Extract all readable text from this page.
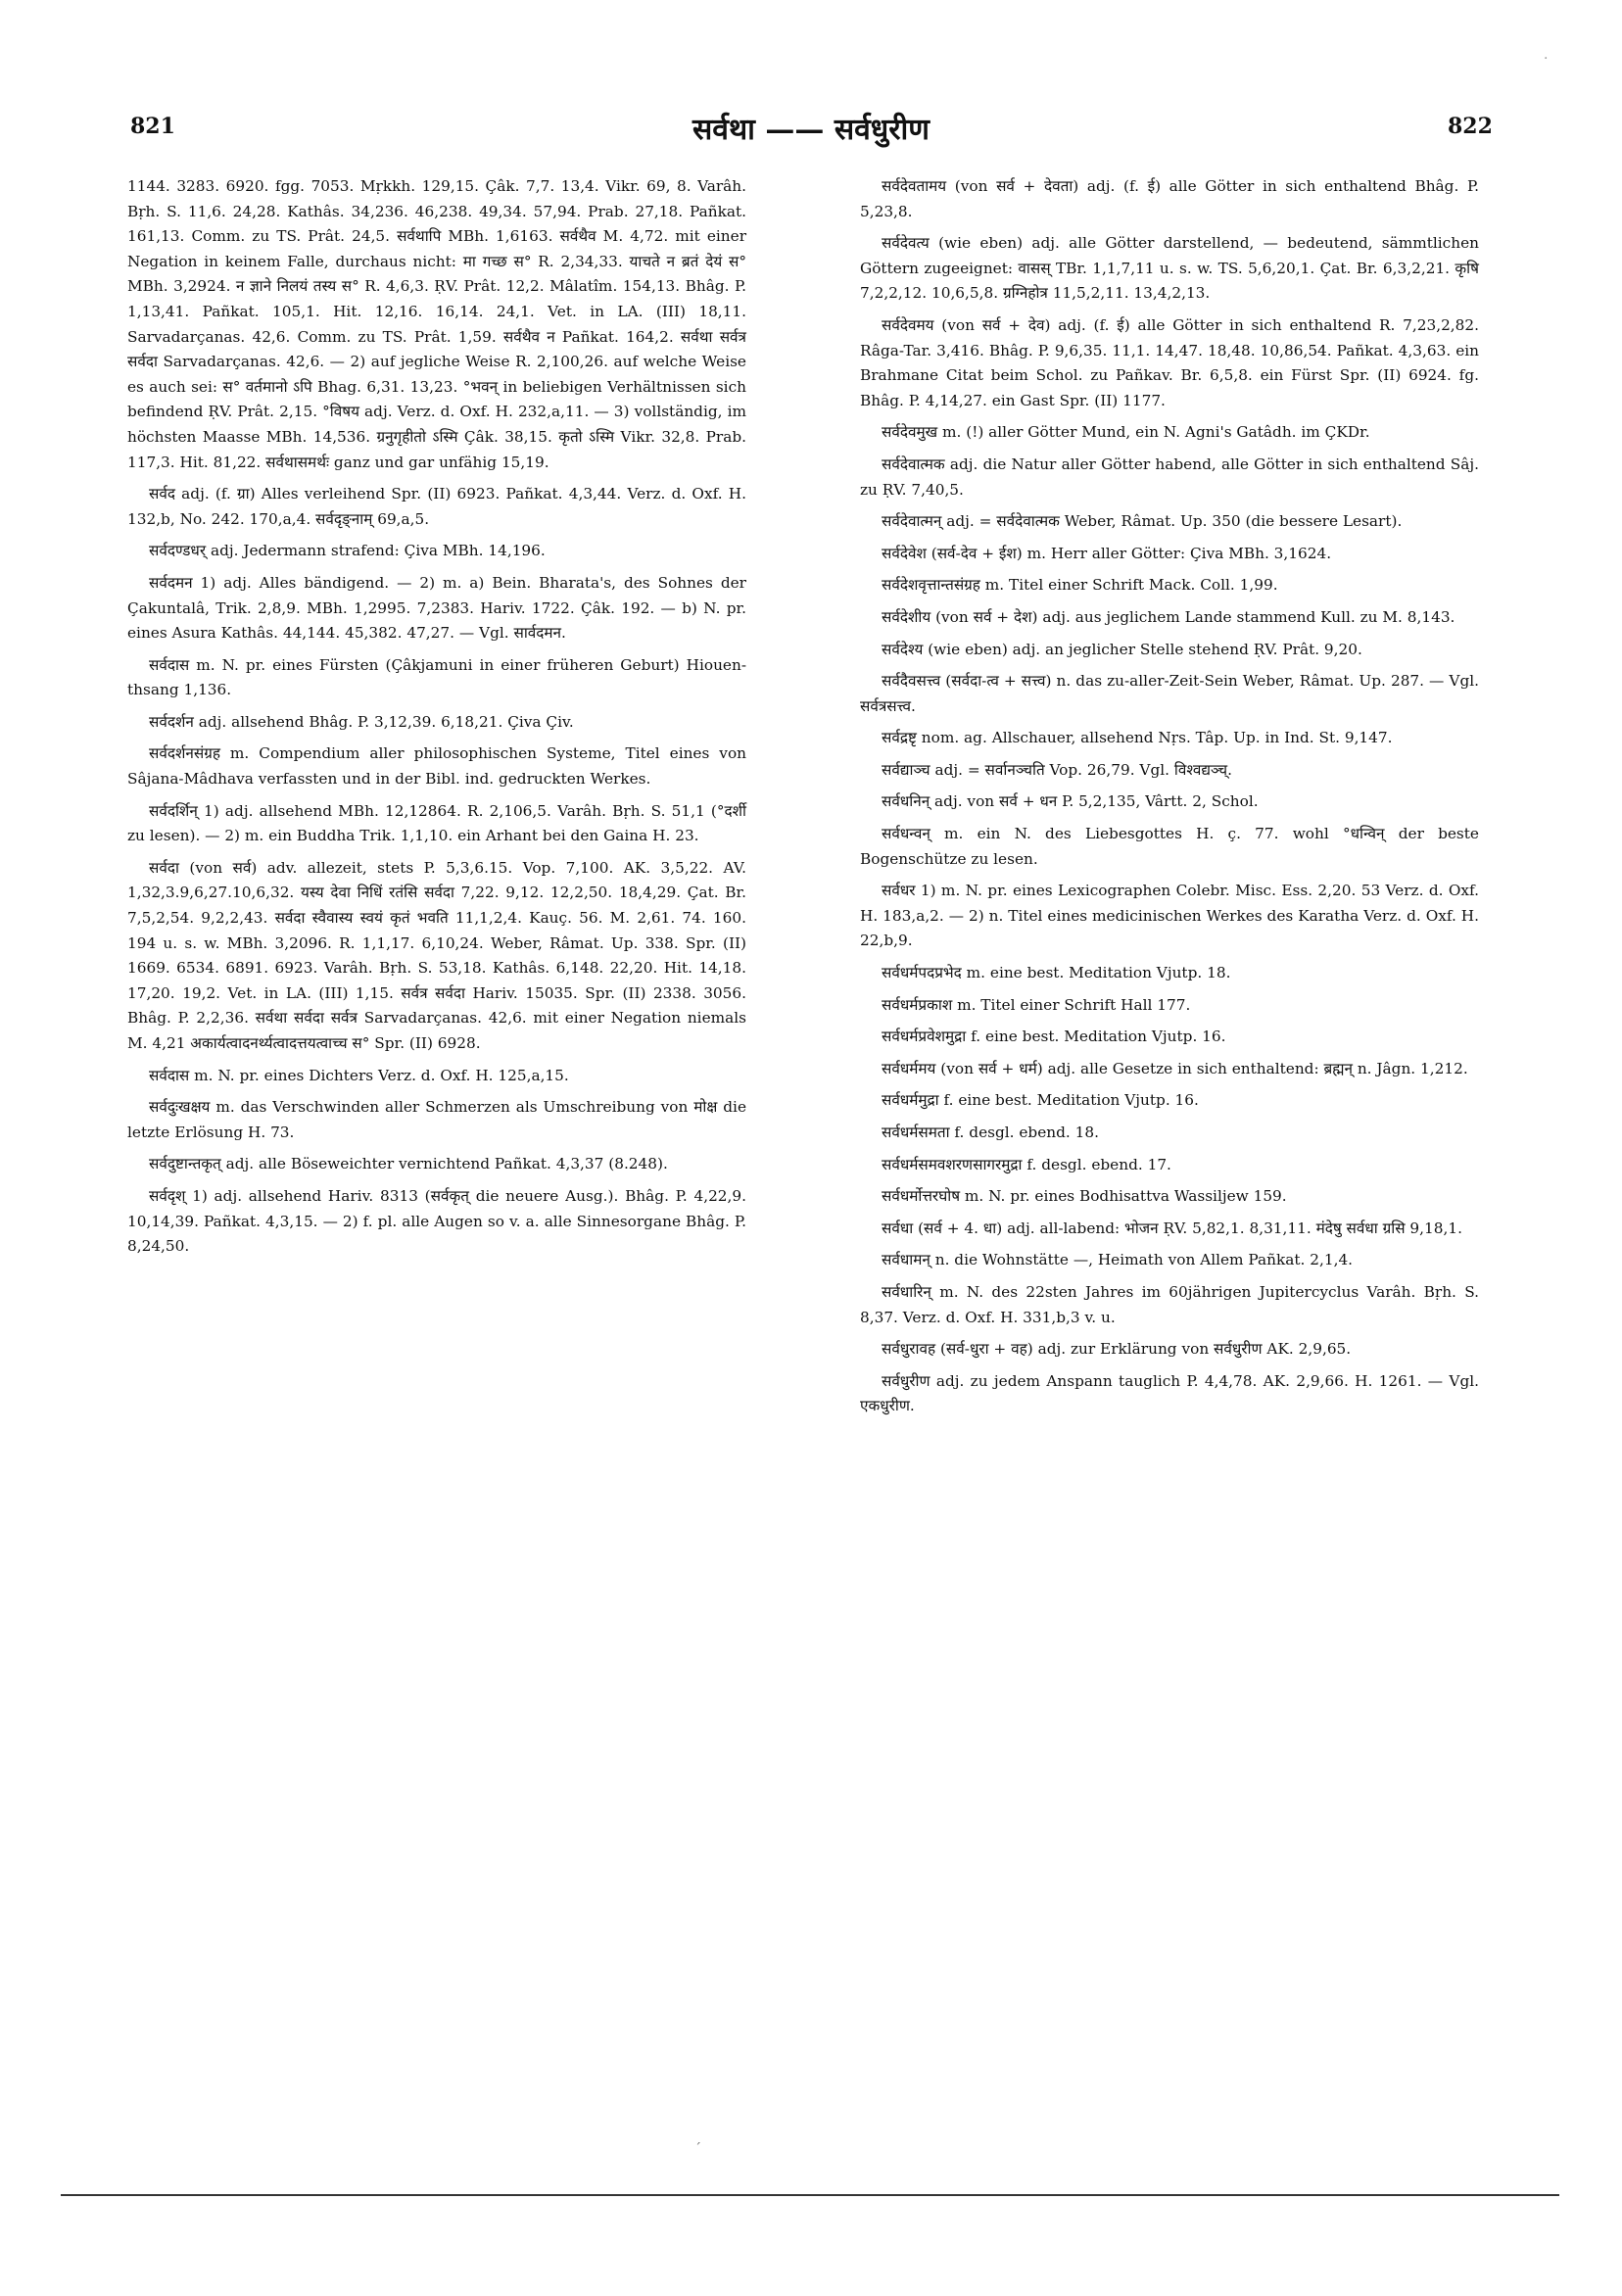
821	सर्वथा —— सर्वधुरीण	822

1144. 3283. 6920. fgg. 7053. Mṛkkh. 129,15. Çâk. 7,7. 13,4. Vikr. 69, 8. Varâh. Bṛh. S. 11,6. 24,28. Kathâs. 34,236. 46,238. 49,34. 57,94. Prab. 27,18. Pañkat. 161,13. Comm. zu TS. Prât. 24,5. सर्वथापि MBh. 1,6163. सर्वथैव M. 4,72. mit einer Negation in keinem Falle, durchaus nicht: मा गच्छ स° R. 2,34,33. याचते न ब्रतं देयं स° MBh. 3,2924. न ज्ञाने निलयं तस्य स° R. 4,6,3. ṚV. Prât. 12,2. Mâlatîm. 154,13. Bhâg. P. 1,13,41. Pañkat. 105,1. Hit. 12,16. 16,14. 24,1. Vet. in LA. (III) 18,11. Sarvadarçanas. 42,6. Comm. zu TS. Prât. 1,59. सर्वथैव न Pañkat. 164,2. सर्वथा सर्वत्र सर्वदा Sarvadarçanas. 42,6. — 2) auf jegliche Weise R. 2,100,26. auf welche Weise es auch sei: स° वर्तमानो ऽपि Bhag. 6,31. 13,23. °भवन् in beliebigen Verhältnissen sich befindend ṚV. Prât. 2,15. °विषय adj. Verz. d. Oxf. H. 232,a,11. — 3) vollständig, im höchsten Maasse MBh. 14,536. ग्रनुगृहीतो ऽस्मि Çâk. 38,15. कृतो ऽस्मि Vikr. 32,8. Prab. 117,3. Hit. 81,22. सर्वथासमर्थः ganz und gar unfähig 15,19.

सर्वद adj. (f. ग्रा) Alles verleihend Spr. (II) 6923. Pañkat. 4,3,44. Verz. d. Oxf. H. 132,b, No. 242. 170,a,4. सर्वदृङ्नाम् 69,a,5.

सर्वदण्डधर् adj. Jedermann strafend: Çiva MBh. 14,196.

सर्वदमन 1) adj. Alles bändigend. — 2) m. a) Bein. Bharata's, des Sohnes der Çakuntalâ, Trik. 2,8,9. MBh. 1,2995. 7,2383. Hariv. 1722. Çâk. 192. — b) N. pr. eines Asura Kathâs. 44,144. 45,382. 47,27. — Vgl. सार्वदमन.

सर्वदास m. N. pr. eines Fürsten (Çâkjamuni in einer früheren Geburt) Hiouen-thsang 1,136.

सर्वदर्शन adj. allsehend Bhâg. P. 3,12,39. 6,18,21. Çiva Çiv.

सर्वदर्शनसंग्रह m. Compendium aller philosophischen Systeme, Titel eines von Sâjana-Mâdhava verfassten und in der Bibl. ind. gedruckten Werkes.

सर्वदर्शिन् 1) adj. allsehend MBh. 12,12864. R. 2,106,5. Varâh. Bṛh. S. 51,1 (°दर्शी zu lesen). — 2) m. ein Buddha Trik. 1,1,10. ein Arhant bei den Gaina H. 23.

सर्वदा (von सर्व) adv. allezeit, stets P. 5,3,6.15. Vop. 7,100. AK. 3,5,22. AV. 1,32,3.9,6,27.10,6,32. यस्य देवा निधिं रतंसि सर्वदा 7,22. 9,12. 12,2,50. 18,4,29. Çat. Br. 7,5,2,54. 9,2,2,43. सर्वदा स्वैवास्य स्वयं कृतं भवति 11,1,2,4. Kauç. 56. M. 2,61. 74. 160. 194 u. s. w. MBh. 3,2096. R. 1,1,17. 6,10,24. Weber, Râmat. Up. 338. Spr. (II) 1669. 6534. 6891. 6923. Varâh. Bṛh. S. 53,18. Kathâs. 6,148. 22,20. Hit. 14,18. 17,20. 19,2. Vet. in LA. (III) 1,15. सर्वत्र सर्वदा Hariv. 15035. Spr. (II) 2338. 3056. Bhâg. P. 2,2,36. सर्वथा सर्वदा सर्वत्र Sarvadarçanas. 42,6. mit einer Negation niemals M. 4,21 अकार्यत्वादनर्थ्यत्वादत्तयत्वाच्च स° Spr. (II) 6928.

सर्वदास m. N. pr. eines Dichters Verz. d. Oxf. H. 125,a,15.

सर्वदुःखक्षय m. das Verschwinden aller Schmerzen als Umschreibung von मोक्ष die letzte Erlösung H. 73.

सर्वदुष्टान्तकृत् adj. alle Böseweichter vernichtend Pañkat. 4,3,37 (8.248).

सर्वदृश् 1) adj. allsehend Hariv. 8313 (सर्वकृत् die neuere Ausg.). Bhâg. P. 4,22,9. 10,14,39. Pañkat. 4,3,15. — 2) f. pl. alle Augen so v. a. alle Sinnesorgane Bhâg. P. 8,24,50.

सर्वदेवतामय (von सर्व + देवता) adj. (f. ई) alle Götter in sich enthaltend Bhâg. P. 5,23,8.

सर्वदेवत्य (wie eben) adj. alle Götter darstellend, — bedeutend, sämmtlichen Göttern zugeeignet: वासस् TBr. 1,1,7,11 u. s. w. TS. 5,6,20,1. Çat. Br. 6,3,2,21. कृषि 7,2,2,12. 10,6,5,8. ग्रग्निहोत्र 11,5,2,11. 13,4,2,13.

सर्वदेवमय (von सर्व + देव) adj. (f. ई) alle Götter in sich enthaltend R. 7,23,2,82. Râga-Tar. 3,416. Bhâg. P. 9,6,35. 11,1. 14,47. 18,48. 10,86,54. Pañkat. 4,3,63. ein Brahmane Citat beim Schol. zu Pañkav. Br. 6,5,8. ein Fürst Spr. (II) 6924. fg. Bhâg. P. 4,14,27. ein Gast Spr. (II) 1177.

सर्वदेवमुख m. (!) aller Götter Mund, ein N. Agni's Gatâdh. im ÇKDr.

सर्वदेवात्मक adj. die Natur aller Götter habend, alle Götter in sich enthaltend Sâj. zu ṚV. 7,40,5.

सर्वदेवात्मन् adj. = सर्वदेवात्मक Weber, Râmat. Up. 350 (die bessere Lesart).

सर्वदेवेश (सर्व-देव + ईश) m. Herr aller Götter: Çiva MBh. 3,1624.

सर्वदेशवृत्तान्तसंग्रह m. Titel einer Schrift Mack. Coll. 1,99.

सर्वदेशीय (von सर्व + देश) adj. aus jeglichem Lande stammend Kull. zu M. 8,143.

सर्वदेश्य (wie eben) adj. an jeglicher Stelle stehend ṚV. Prât. 9,20.

सर्वदैवसत्त्व (सर्वदा-त्व + सत्त्व) n. das zu-aller-Zeit-Sein Weber, Râmat. Up. 287. — Vgl. सर्वत्रसत्त्व.

सर्वद्रष्टृ nom. ag. Allschauer, allsehend Nṛs. Tâp. Up. in Ind. St. 9,147.

सर्वद्याञ्च adj. = सर्वानञ्चति Vop. 26,79. Vgl. विश्वद्यञ्च्.

सर्वधनिन् adj. von सर्व + धन P. 5,2,135, Vârtt. 2, Schol.

सर्वधन्वन् m. ein N. des Liebesgottes H. ç. 77. wohl °धन्विन् der beste Bogenschütze zu lesen.

सर्वधर 1) m. N. pr. eines Lexicographen Colebr. Misc. Ess. 2,20. 53 Verz. d. Oxf. H. 183,a,2. — 2) n. Titel eines medicinischen Werkes des Karatha Verz. d. Oxf. H. 22,b,9.

सर्वधर्मपदप्रभेद m. eine best. Meditation Vjutp. 18.

सर्वधर्मप्रकाश m. Titel einer Schrift Hall 177.

सर्वधर्मप्रवेशमुद्रा f. eine best. Meditation Vjutp. 16.

सर्वधर्ममय (von सर्व + धर्म) adj. alle Gesetze in sich enthaltend: ब्रह्मन् n. Jâgn. 1,212.

सर्वधर्ममुद्रा f. eine best. Meditation Vjutp. 16.

सर्वधर्मसमता f. desgl. ebend. 18.

सर्वधर्मसमवशरणसागरमुद्रा f. desgl. ebend. 17.

सर्वधर्मोत्तरघोष m. N. pr. eines Bodhisattva Wassiljew 159.

सर्वधा (सर्व + 4. धा) adj. all-labend: भोजन ṚV. 5,82,1. 8,31,11. मंदेषु सर्वधा ग्रसि 9,18,1.

सर्वधामन् n. die Wohnstätte —, Heimath von Allem Pañkat. 2,1,4.

सर्वधारिन् m. N. des 22sten Jahres im 60jährigen Jupitercyclus Varâh. Bṛh. S. 8,37. Verz. d. Oxf. H. 331,b,3 v. u.

सर्वधुरावह (सर्व-धुरा + वह) adj. zur Erklärung von सर्वधुरीण AK. 2,9,65.

सर्वधुरीण adj. zu jedem Anspann tauglich P. 4,4,78. AK. 2,9,66. H. 1261. — Vgl. एकधुरीण.

ˊ
·
